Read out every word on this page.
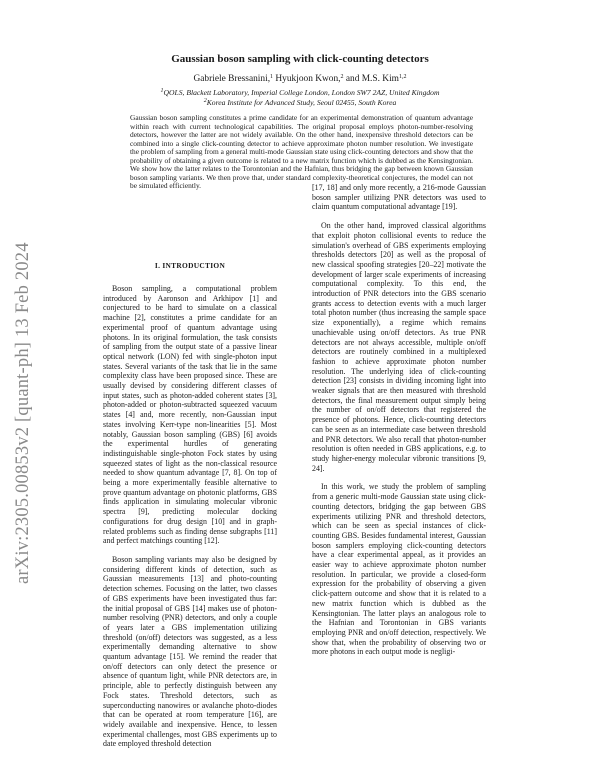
arXiv:2305.00853v2 [quant-ph] 13 Feb 2024
Gaussian boson sampling with click-counting detectors
Gabriele Bressanini,$^1$ Hyukjoon Kwon,$^2$ and M.S. Kim$^{1,2}$
$^1$QOLS, Blackett Laboratory, Imperial College London, London SW7 2AZ, United Kingdom
$^2$Korea Institute for Advanced Study, Seoul 02455, South Korea
Gaussian boson sampling constitutes a prime candidate for an experimental demonstration of quantum advantage within reach with current technological capabilities. The original proposal employs photon-number-resolving detectors, however the latter are not widely available. On the other hand, inexpensive threshold detectors can be combined into a single click-counting detector to achieve approximate photon number resolution. We investigate the problem of sampling from a general multi-mode Gaussian state using click-counting detectors and show that the probability of obtaining a given outcome is related to a new matrix function which is dubbed as the Kensingtonian. We show how the latter relates to the Torontonian and the Hafnian, thus bridging the gap between known Gaussian boson sampling variants. We then prove that, under standard complexity-theoretical conjectures, the model can not be simulated efficiently.
I. INTRODUCTION

Boson sampling, a computational problem introduced by Aaronson and Arkhipov [1] and conjectured to be hard to simulate on a classical machine [2], constitutes a prime candidate for an experimental proof of quantum advantage using photons. In its original formulation, the task consists of sampling from the output state of a passive linear optical network (LON) fed with single-photon input states. Several variants of the task that lie in the same complexity class have been proposed since. These are usually devised by considering different classes of input states, such as photon-added coherent states [3], photon-added or photon-subtracted squeezed vacuum states [4] and, more recently, non-Gaussian input states involving Kerr-type non-linearities [5]. Most notably, Gaussian boson sampling (GBS) [6] avoids the experimental hurdles of generating indistinguishable single-photon Fock states by using squeezed states of light as the non-classical resource needed to show quantum advantage [7, 8]. On top of being a more experimentally feasible alternative to prove quantum advantage on photonic platforms, GBS finds application in simulating molecular vibronic spectra [9], predicting molecular docking configurations for drug design [10] and in graph-related problems such as finding dense subgraphs [11] and perfect matchings counting [12].

Boson sampling variants may also be designed by considering different kinds of detection, such as Gaussian measurements [13] and photo-counting detection schemes. Focusing on the latter, two classes of GBS experiments have been investigated thus far: the initial proposal of GBS [14] makes use of photon-number resolving (PNR) detectors, and only a couple of years later a GBS implementation utilizing threshold (on/off) detectors was suggested, as a less experimentally demanding alternative to show quantum advantage [15]. We remind the reader that on/off detectors can only detect the presence or absence of quantum light, while PNR detectors are, in principle, able to perfectly distinguish between any Fock states. Threshold detectors, such as superconducting nanowires or avalanche photo-diodes that can be operated at room temperature [16], are widely available and inexpensive. Hence, to lessen experimental challenges, most GBS experiments up to date employed threshold detection

[17, 18] and only more recently, a 216-mode Gaussian boson sampler utilizing PNR detectors was used to claim quantum computational advantage [19].

On the other hand, improved classical algorithms that exploit photon collisional events to reduce the simulation's overhead of GBS experiments employing thresholds detectors [20] as well as the proposal of new classical spoofing strategies [20–22] motivate the development of larger scale experiments of increasing computational complexity. To this end, the introduction of PNR detectors into the GBS scenario grants access to detection events with a much larger total photon number (thus increasing the sample space size exponentially), a regime which remains unachievable using on/off detectors. As true PNR detectors are not always accessible, multiple on/off detectors are routinely combined in a multiplexed fashion to achieve approximate photon number resolution. The underlying idea of click-counting detection [23] consists in dividing incoming light into weaker signals that are then measured with threshold detectors, the final measurement output simply being the number of on/off detectors that registered the presence of photons. Hence, click-counting detectors can be seen as an intermediate case between threshold and PNR detectors. We also recall that photon-number resolution is often needed in GBS applications, e.g. to study higher-energy molecular vibronic transitions [9, 24].

In this work, we study the problem of sampling from a generic multi-mode Gaussian state using click-counting detectors, bridging the gap between GBS experiments utilizing PNR and threshold detectors, which can be seen as special instances of click-counting GBS. Besides fundamental interest, Gaussian boson samplers employing click-counting detectors have a clear experimental appeal, as it provides an easier way to achieve approximate photon number resolution. In particular, we provide a closed-form expression for the probability of observing a given click-pattern outcome and show that it is related to a new matrix function which is dubbed as the Kensingtonian. The latter plays an analogous role to the Hafnian and Torontonian in GBS variants employing PNR and on/off detection, respectively. We show that, when the probability of observing two or more photons in each output mode is negligi-
